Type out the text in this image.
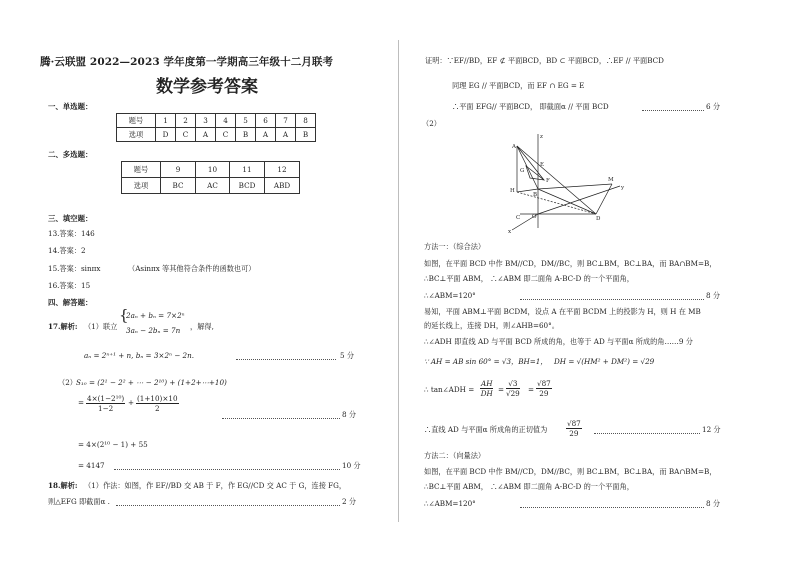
腾·云联盟 2022—2023 学年度第一学期高三年级十二月联考
数学参考答案
一、单选题：
题号	1	2	3	4	5	6	7	8
选项	D	C	A	C	B	A	A	B
二、多选题：
题号	9	10	11	12
选项	BC	AC	BCD	ABD
三、填空题：
13.答案：146
14.答案：2
15.答案：sinπx	（Asinπx 等其他符合条件的函数也可）
16.答案：15
四、解答题：
17.解析: （1）联立
{
2aₙ + bₙ = 7×2ⁿ
3aₙ − 2bₙ = 7n ，解得,
aₙ = 2ⁿ⁺¹ + n, bₙ = 3×2ⁿ − 2n.	5 分
（2） S₁₀ = (2¹ − 2² + ⋯ − 2¹⁰) + (1+2+⋯+10)
= $\frac{\text{4×(1−2¹⁰)}}{1-2} + \frac{(1+10)\times 10}{2}$
8 分
= 4×(2¹⁰ − 1) + 55
= 4147	10 分
18.解析: （1）作法：如图，作 EF//BD 交 AB 于 F，作 EG//CD 交 AC 于 G，连接 FG，
则△EFG 即截面α .	2 分
证明：∵EF//BD，EF ⊄ 平面BCD，BD ⊂ 平面BCD，∴EF // 平面BCD
同理 EG // 平面BCD，而 EF ∩ EG = E
∴平面 EFG// 平面BCD， 即截面α // 平面 BCD	6 分
（2）
z
A
E
G
F
H
B
M
y
C	D
x
O
方法一：（综合法）
如图，在平面 BCD 中作 BM//CD，DM//BC，则 BC⊥BM，BC⊥BA，而 BA∩BM=B，
∴BC⊥平面 ABM， ∴∠ABM 即二面角 A-BC-D 的一个平面角，
∴∠ABM=120°	8 分
易知，平面 ABM⊥平面 BCDM，设点 A 在平面 BCDM 上的投影为 H，则 H 在 MB
的延长线上，连接 DH，则∠AHB=60°。
∴∠ADH 即直线 AD 与平面 BCD 所成的角，也等于 AD 与平面α 所成的角……9 分
∵ AH = AB sin 60° = √3，BH=1， DH = √(HM² + DM²) = √29
∴ tan∠ADH = $\frac{AH}{DH} = \frac{√3}{√29} = \frac{√87}{29}$
∴直线 AD 与平面α 所成角的正切值为	$\frac{√87}{29}$	12 分
方法二：（向量法）
如图，在平面 BCD 中作 BM//CD，DM//BC，则 BC⊥BM，BC⊥BA，而 BA∩BM=B，
∴BC⊥平面 ABM， ∴∠ABM 即二面角 A-BC-D 的一个平面角，
∴∠ABM=120°	8 分
